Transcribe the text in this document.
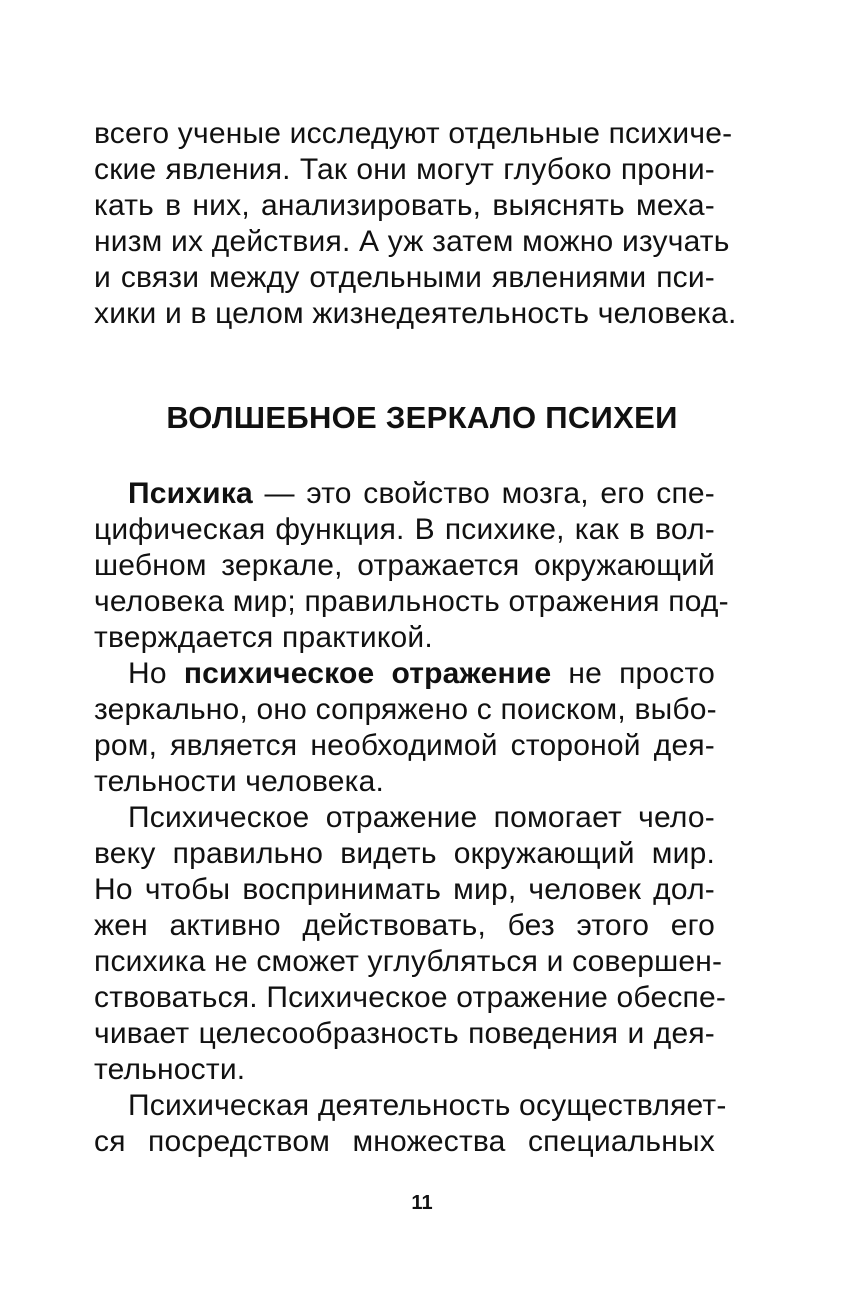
всего ученые исследуют отдельные психиче-
ские явления. Так они могут глубоко прони-
кать в них, анализировать, выяснять меха-
низм их действия. А уж затем можно изучать
и связи между отдельными явлениями пси-
хики и в целом жизнедеятельность человека.
ВОЛШЕБНОЕ ЗЕРКАЛО ПСИХЕИ
Психика — это свойство мозга, его спе-
цифическая функция. В психике, как в вол-
шебном зеркале, отражается окружающий
человека мир; правильность отражения под-
тверждается практикой.
Но психическое отражение не просто
зеркально, оно сопряжено с поиском, выбо-
ром, является необходимой стороной дея-
тельности человека.
Психическое отражение помогает чело-
веку правильно видеть окружающий мир.
Но чтобы воспринимать мир, человек дол-
жен активно действовать, без этого его
психика не сможет углубляться и совершен-
ствоваться. Психическое отражение обеспе-
чивает целесообразность поведения и дея-
тельности.
Психическая деятельность осуществляет-
ся посредством множества специальных
11
